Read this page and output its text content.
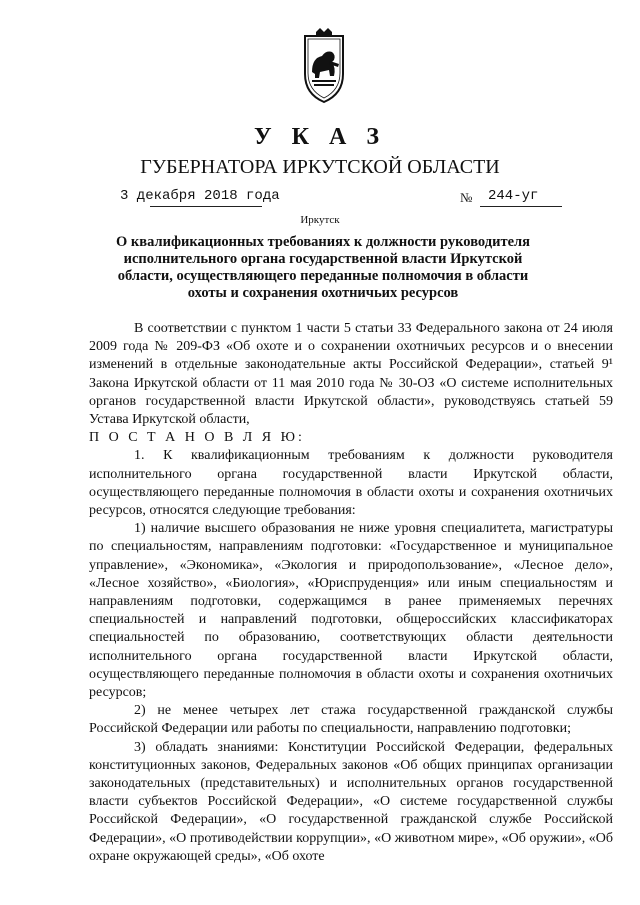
У К А З
ГУБЕРНАТОРА ИРКУТСКОЙ ОБЛАСТИ
3 декабря 2018 года	№ 244-уг
Иркутск
О квалификационных требованиях к должности руководителя исполнительного органа государственной власти Иркутской области, осуществляющего переданные полномочия в области охоты и сохранения охотничьих ресурсов

В соответствии с пунктом 1 части 5 статьи 33 Федерального закона от 24 июля 2009 года № 209-ФЗ «Об охоте и о сохранении охотничьих ресурсов и о внесении изменений в отдельные законодательные акты Российской Федерации», статьей 9¹ Закона Иркутской области от 11 мая 2010 года № 30-ОЗ «О системе исполнительных органов государственной власти Иркутской области», руководствуясь статьей 59 Устава Иркутской области,

П О С Т А Н О В Л Я Ю:

1. К квалификационным требованиям к должности руководителя исполнительного органа государственной власти Иркутской области, осуществляющего переданные полномочия в области охоты и сохранения охотничьих ресурсов, относятся следующие требования:

1) наличие высшего образования не ниже уровня специалитета, магистратуры по специальностям, направлениям подготовки: «Государственное и муниципальное управление», «Экономика», «Экология и природопользование», «Лесное дело», «Лесное хозяйство», «Биология», «Юриспруденция» или иным специальностям и направлениям подготовки, содержащимся в ранее применяемых перечнях специальностей и направлений подготовки, общероссийских классификаторах специальностей по образованию, соответствующих области деятельности исполнительного органа государственной власти Иркутской области, осуществляющего переданные полномочия в области охоты и сохранения охотничьих ресурсов;

2) не менее четырех лет стажа государственной гражданской службы Российской Федерации или работы по специальности, направлению подготовки;

3) обладать знаниями: Конституции Российской Федерации, федеральных конституционных законов, Федеральных законов «Об общих принципах организации законодательных (представительных) и исполнительных органов государственной власти субъектов Российской Федерации», «О системе государственной службы Российской Федерации», «О государственной гражданской службе Российской Федерации», «О противодействии коррупции», «О животном мире», «Об оружии», «Об охране окружающей среды», «Об охоте
